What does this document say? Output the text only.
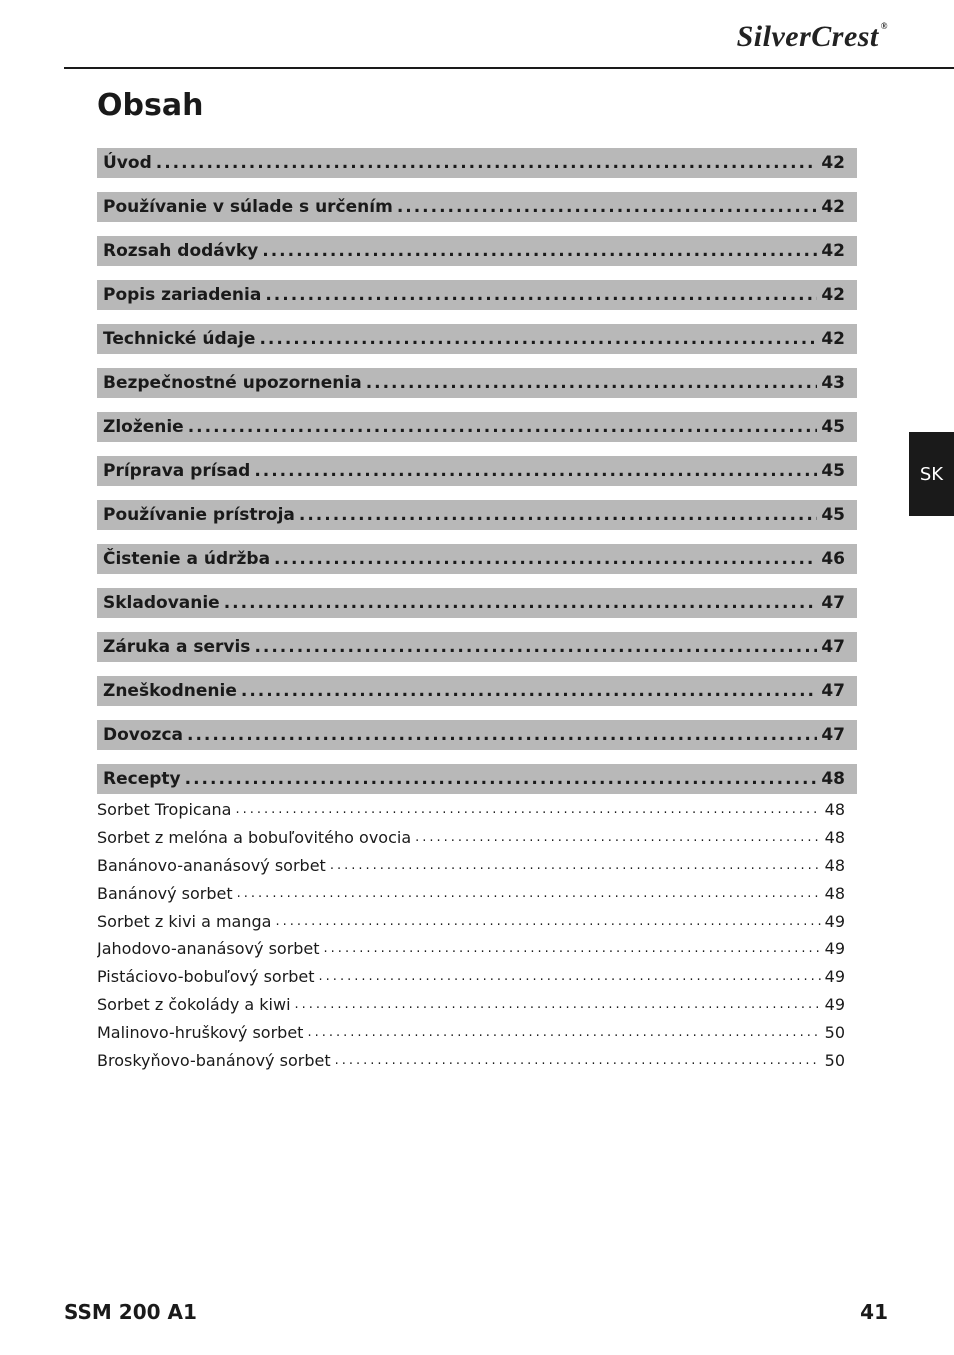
SilverCrest ®
Obsah
Úvod .....	42
Používanie v súlade s určením .....	42
Rozsah dodávky .....	42
Popis zariadenia .....	42
Technické údaje .....	42
Bezpečnostné upozornenia .....	43
Zloženie .....	45
Príprava prísad .....	45
Používanie prístroja .....	45
Čistenie a údržba .....	46
Skladovanie .....	47
Záruka a servis .....	47
Zneškodnenie .....	47
Dovozca .....	47
Recepty .....	48
Sorbet Tropicana .....	48
Sorbet z melóna a bobuľovitého ovocia .....	48
Banánovo-ananásový sorbet .....	48
Banánový sorbet .....	48
Sorbet z kivi a manga .....	49
Jahodovo-ananásový sorbet .....	49
Pistáciovo-bobuľový sorbet .....	49
Sorbet z čokolády a kiwi .....	49
Malinovo-hruškový sorbet .....	50
Broskyňovo-banánový sorbet .....	50
SK
SSM 200 A1	41
